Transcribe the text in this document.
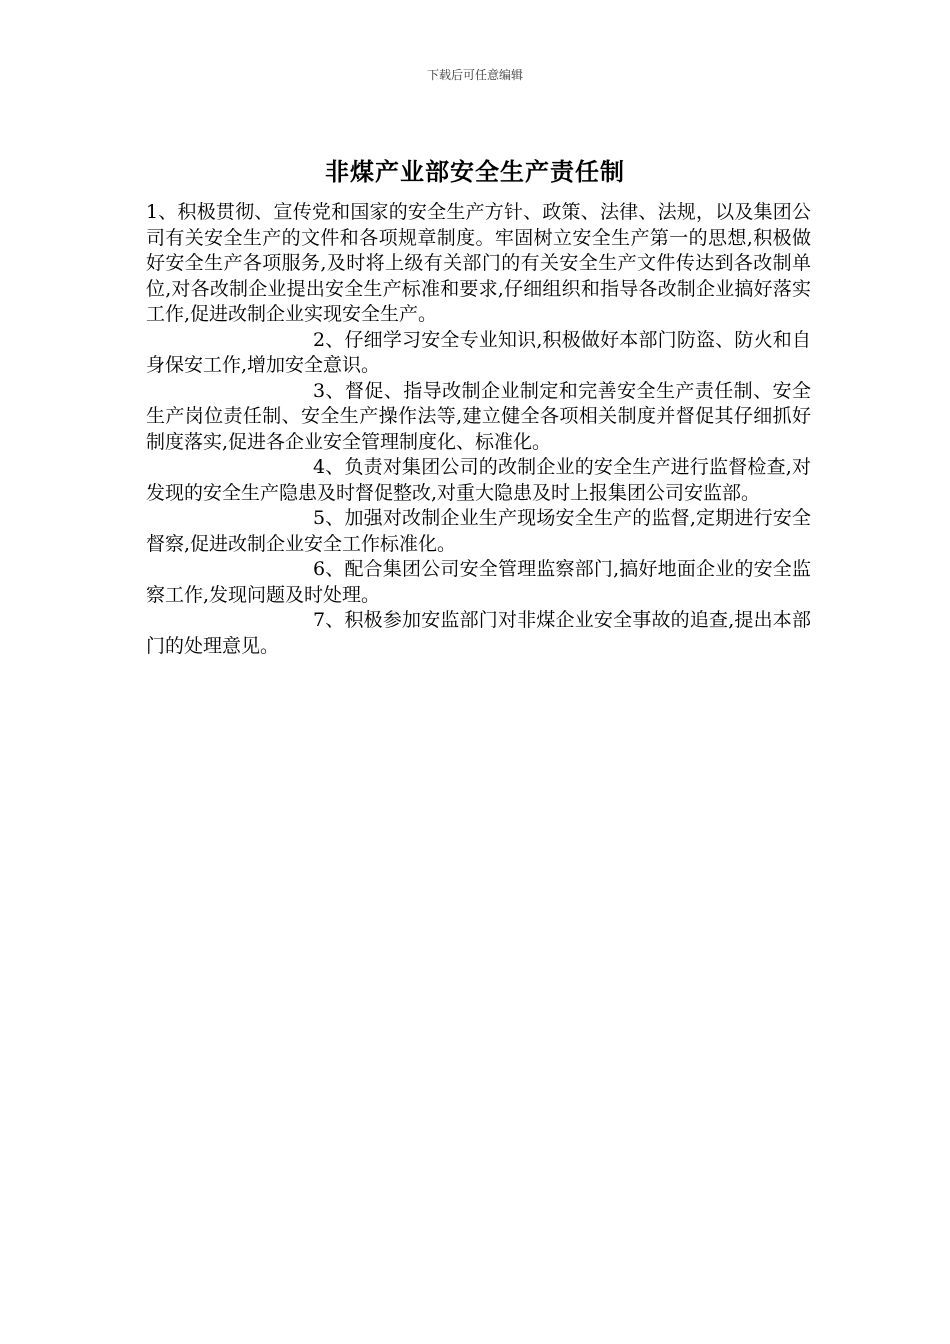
下载后可任意编辑
非煤产业部安全生产责任制

1、积极贯彻、宣传党和国家的安全生产方针、政策、法律、法规，以及集团公司有关安全生产的文件和各项规章制度。牢固树立安全生产第一的思想,积极做好安全生产各项服务,及时将上级有关部门的有关安全生产文件传达到各改制单位,对各改制企业提出安全生产标准和要求,仔细组织和指导各改制企业搞好落实工作,促进改制企业实现安全生产。

2、仔细学习安全专业知识,积极做好本部门防盗、防火和自身保安工作,增加安全意识。

3、督促、指导改制企业制定和完善安全生产责任制、安全生产岗位责任制、安全生产操作法等,建立健全各项相关制度并督促其仔细抓好制度落实,促进各企业安全管理制度化、标准化。

4、负责对集团公司的改制企业的安全生产进行监督检查,对发现的安全生产隐患及时督促整改,对重大隐患及时上报集团公司安监部。

5、加强对改制企业生产现场安全生产的监督,定期进行安全督察,促进改制企业安全工作标准化。

6、配合集团公司安全管理监察部门,搞好地面企业的安全监察工作,发现问题及时处理。

7、积极参加安监部门对非煤企业安全事故的追查,提出本部门的处理意见。
